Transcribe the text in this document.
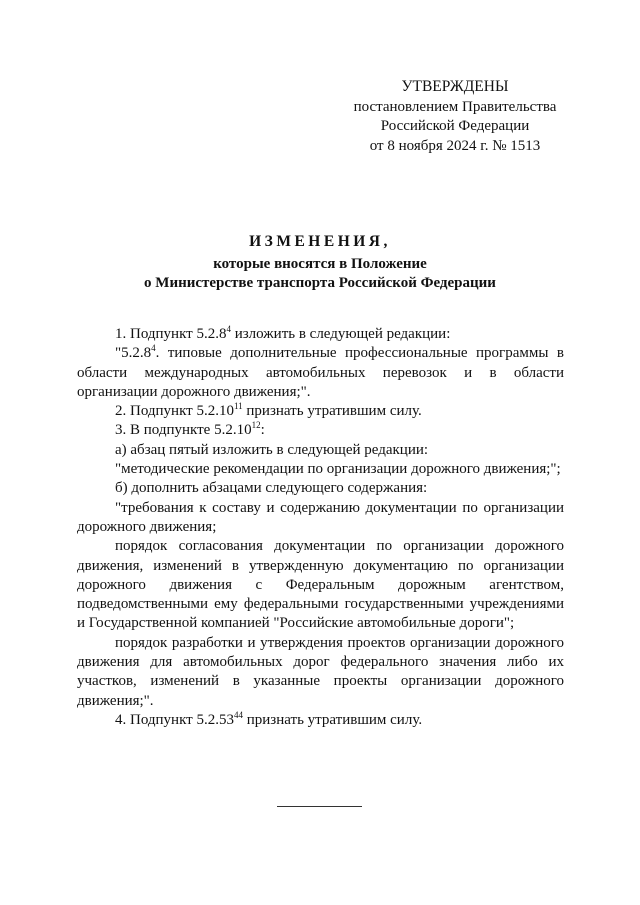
УТВЕРЖДЕНЫ
постановлением Правительства
Российской Федерации
от 8 ноября 2024 г. № 1513
ИЗМЕНЕНИЯ,
которые вносятся в Положение
о Министерстве транспорта Российской Федерации

1. Подпункт 5.2.8$^4$ изложить в следующей редакции:

"5.2.8$^4$. типовые дополнительные профессиональные программы в области международных автомобильных перевозок и в области организации дорожного движения;".

2. Подпункт 5.2.10$^{11}$ признать утратившим силу.

3. В подпункте 5.2.10$^{12}$:

а) абзац пятый изложить в следующей редакции:

"методические рекомендации по организации дорожного движения;";

б) дополнить абзацами следующего содержания:

"требования к составу и содержанию документации по организации дорожного движения;

порядок согласования документации по организации дорожного движения, изменений в утвержденную документацию по организации дорожного движения с Федеральным дорожным агентством, подведомственными ему федеральными государственными учреждениями и Государственной компанией "Российские автомобильные дороги";

порядок разработки и утверждения проектов организации дорожного движения для автомобильных дорог федерального значения либо их участков, изменений в указанные проекты организации дорожного движения;".

4. Подпункт 5.2.53$^{44}$ признать утратившим силу.
